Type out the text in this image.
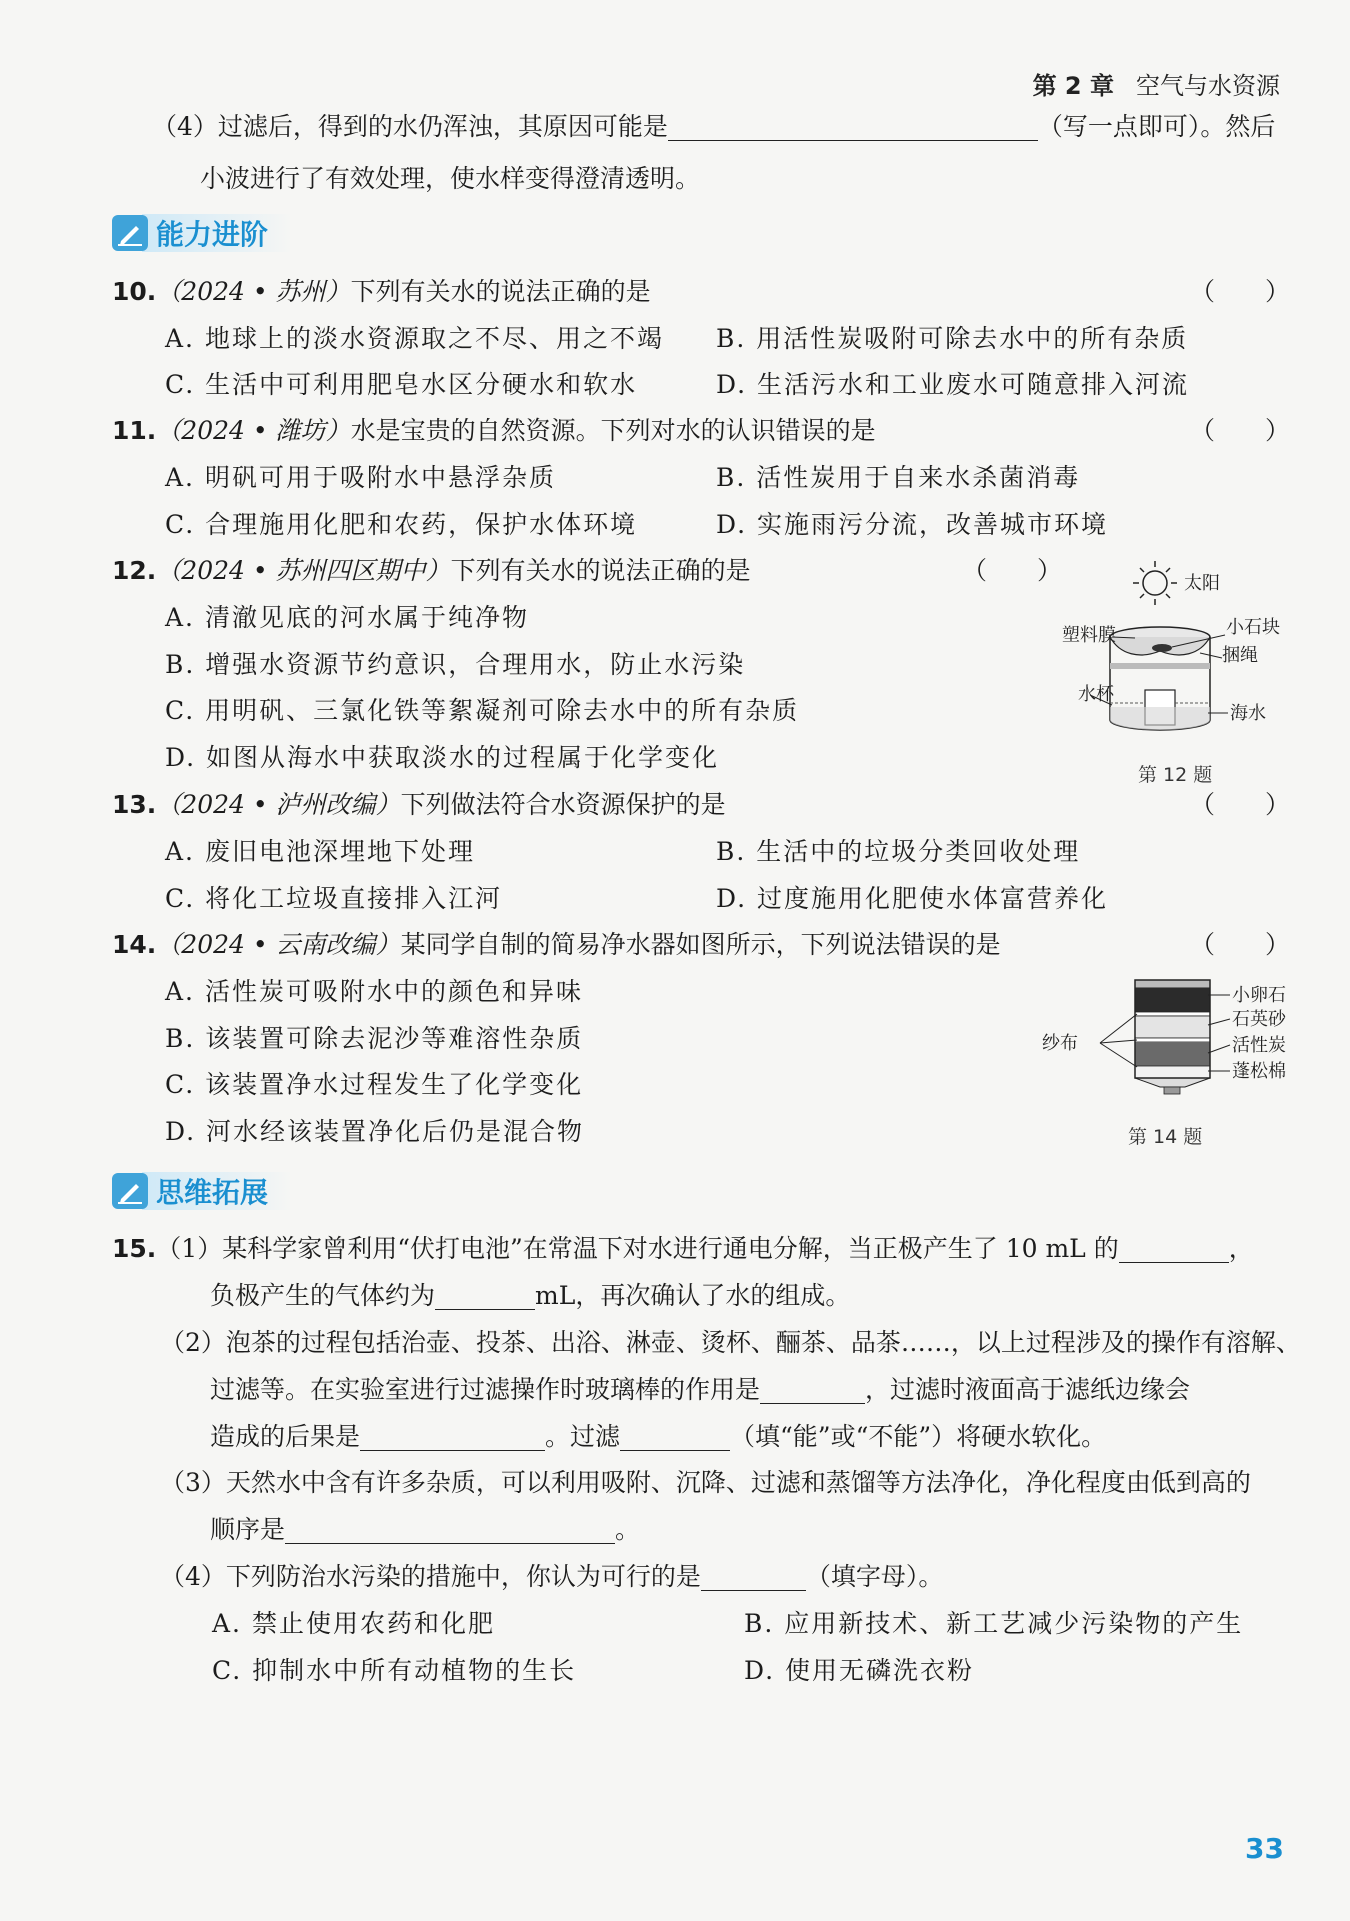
第 2 章 空气与水资源
（4）过滤后，得到的水仍浑浊，其原因可能是	（写一点即可）。然后
小波进行了有效处理，使水样变得澄清透明。
能力进阶
10.（2024 • 苏州）下列有关水的说法正确的是	（　　）
A. 地球上的淡水资源取之不尽、用之不竭 B. 用活性炭吸附可除去水中的所有杂质
C. 生活中可利用肥皂水区分硬水和软水	D. 生活污水和工业废水可随意排入河流
11.（2024 • 潍坊）水是宝贵的自然资源。下列对水的认识错误的是	（　　）
A. 明矾可用于吸附水中悬浮杂质	B. 活性炭用于自来水杀菌消毒
C. 合理施用化肥和农药，保护水体环境	D. 实施雨污分流，改善城市环境
12.（2024 • 苏州四区期中）下列有关水的说法正确的是	（　　）
A. 清澈见底的河水属于纯净物
B. 增强水资源节约意识，合理用水，防止水污染
C. 用明矾、三氯化铁等絮凝剂可除去水中的所有杂质
D. 如图从海水中获取淡水的过程属于化学变化
太阳
塑料膜	小石块
捆绳
水杯
海水
第 12 题
13.（2024 • 泸州改编）下列做法符合水资源保护的是	（　　）
A. 废旧电池深埋地下处理	B. 生活中的垃圾分类回收处理
C. 将化工垃圾直接排入江河	D. 过度施用化肥使水体富营养化
14.（2024 • 云南改编）某同学自制的简易净水器如图所示，下列说法错误的是	（　　）
A. 活性炭可吸附水中的颜色和异味
B. 该装置可除去泥沙等难溶性杂质
C. 该装置净水过程发生了化学变化
D. 河水经该装置净化后仍是混合物
小卵石
石英砂
活性炭
蓬松棉
纱布
第 14 题
思维拓展
15.（1）某科学家曾利用“伏打电池”在常温下对水进行通电分解，当正极产生了 10 mL 的	，
负极产生的气体约为	mL，再次确认了水的组成。
（2）泡茶的过程包括治壶、投茶、出浴、淋壶、烫杯、酾茶、品茶……，以上过程涉及的操作有溶解、
过滤等。在实验室进行过滤操作时玻璃棒的作用是	，过滤时液面高于滤纸边缘会
造成的后果是	。过滤	（填“能”或“不能”）将硬水软化。
（3）天然水中含有许多杂质，可以利用吸附、沉降、过滤和蒸馏等方法净化，净化程度由低到高的
顺序是	。
（4）下列防治水污染的措施中，你认为可行的是	（填字母）。
A. 禁止使用农药和化肥	B. 应用新技术、新工艺减少污染物的产生
C. 抑制水中所有动植物的生长	D. 使用无磷洗衣粉
33
